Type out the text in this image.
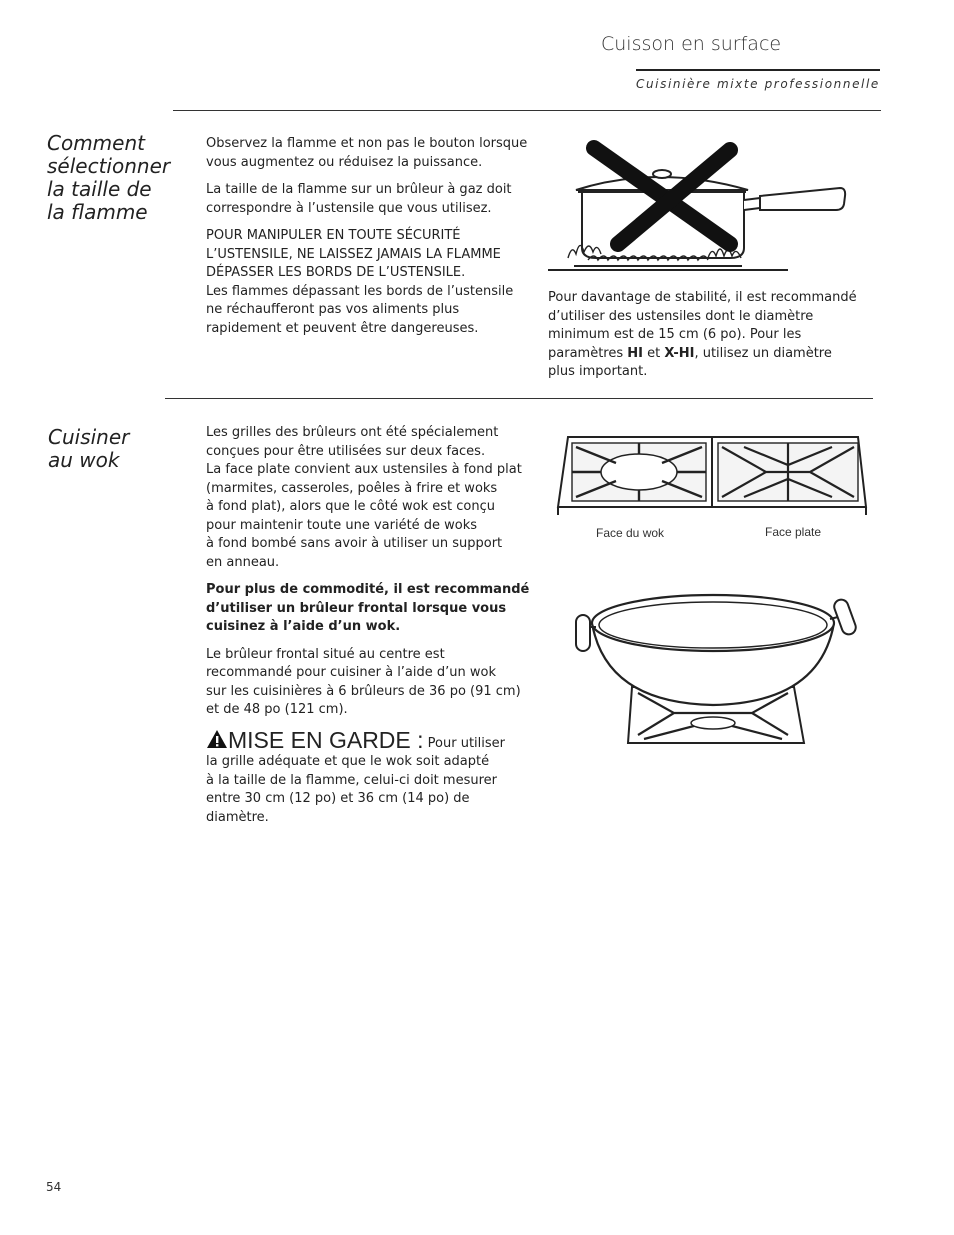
Cuisson en surface
Cuisinière mixte professionnelle
Comment
sélectionner
la taille de
la flamme

Observez la flamme et non pas le bouton lorsque
vous augmentez ou réduisez la puissance.

La taille de la flamme sur un brûleur à gaz doit
correspondre à l’ustensile que vous utilisez.

POUR MANIPULER EN TOUTE SÉCURITÉ
L’USTENSILE, NE LAISSEZ JAMAIS LA FLAMME
DÉPASSER LES BORDS DE L’USTENSILE.
Les flammes dépassant les bords de l’ustensile
ne réchaufferont pas vos aliments plus
rapidement et peuvent être dangereuses.

Pour davantage de stabilité, il est recommandé
d’utiliser des ustensiles dont le diamètre
minimum est de 15 cm (6 po). Pour les
paramètres HI et X-HI, utilisez un diamètre
plus important.
Cuisiner
au wok

Les grilles des brûleurs ont été spécialement
conçues pour être utilisées sur deux faces.
La face plate convient aux ustensiles à fond plat
(marmites, casseroles, poêles à frire et woks
à fond plat), alors que le côté wok est conçu
pour maintenir toute une variété de woks
à fond bombé sans avoir à utiliser un support
en anneau.

Pour plus de commodité, il est recommandé
d’utiliser un brûleur frontal lorsque vous
cuisinez à l’aide d’un wok.

Le brûleur frontal situé au centre est
recommandé pour cuisiner à l’aide d’un wok
sur les cuisinières à 6 brûleurs de 36 po (91 cm)
et de 48 po (121 cm).

MISE EN GARDE : Pour utiliser
la grille adéquate et que le wok soit adapté
à la taille de la flamme, celui-ci doit mesurer
entre 30 cm (12 po) et 36 cm (14 po) de diamètre.
Face du wok	Face plate
54
